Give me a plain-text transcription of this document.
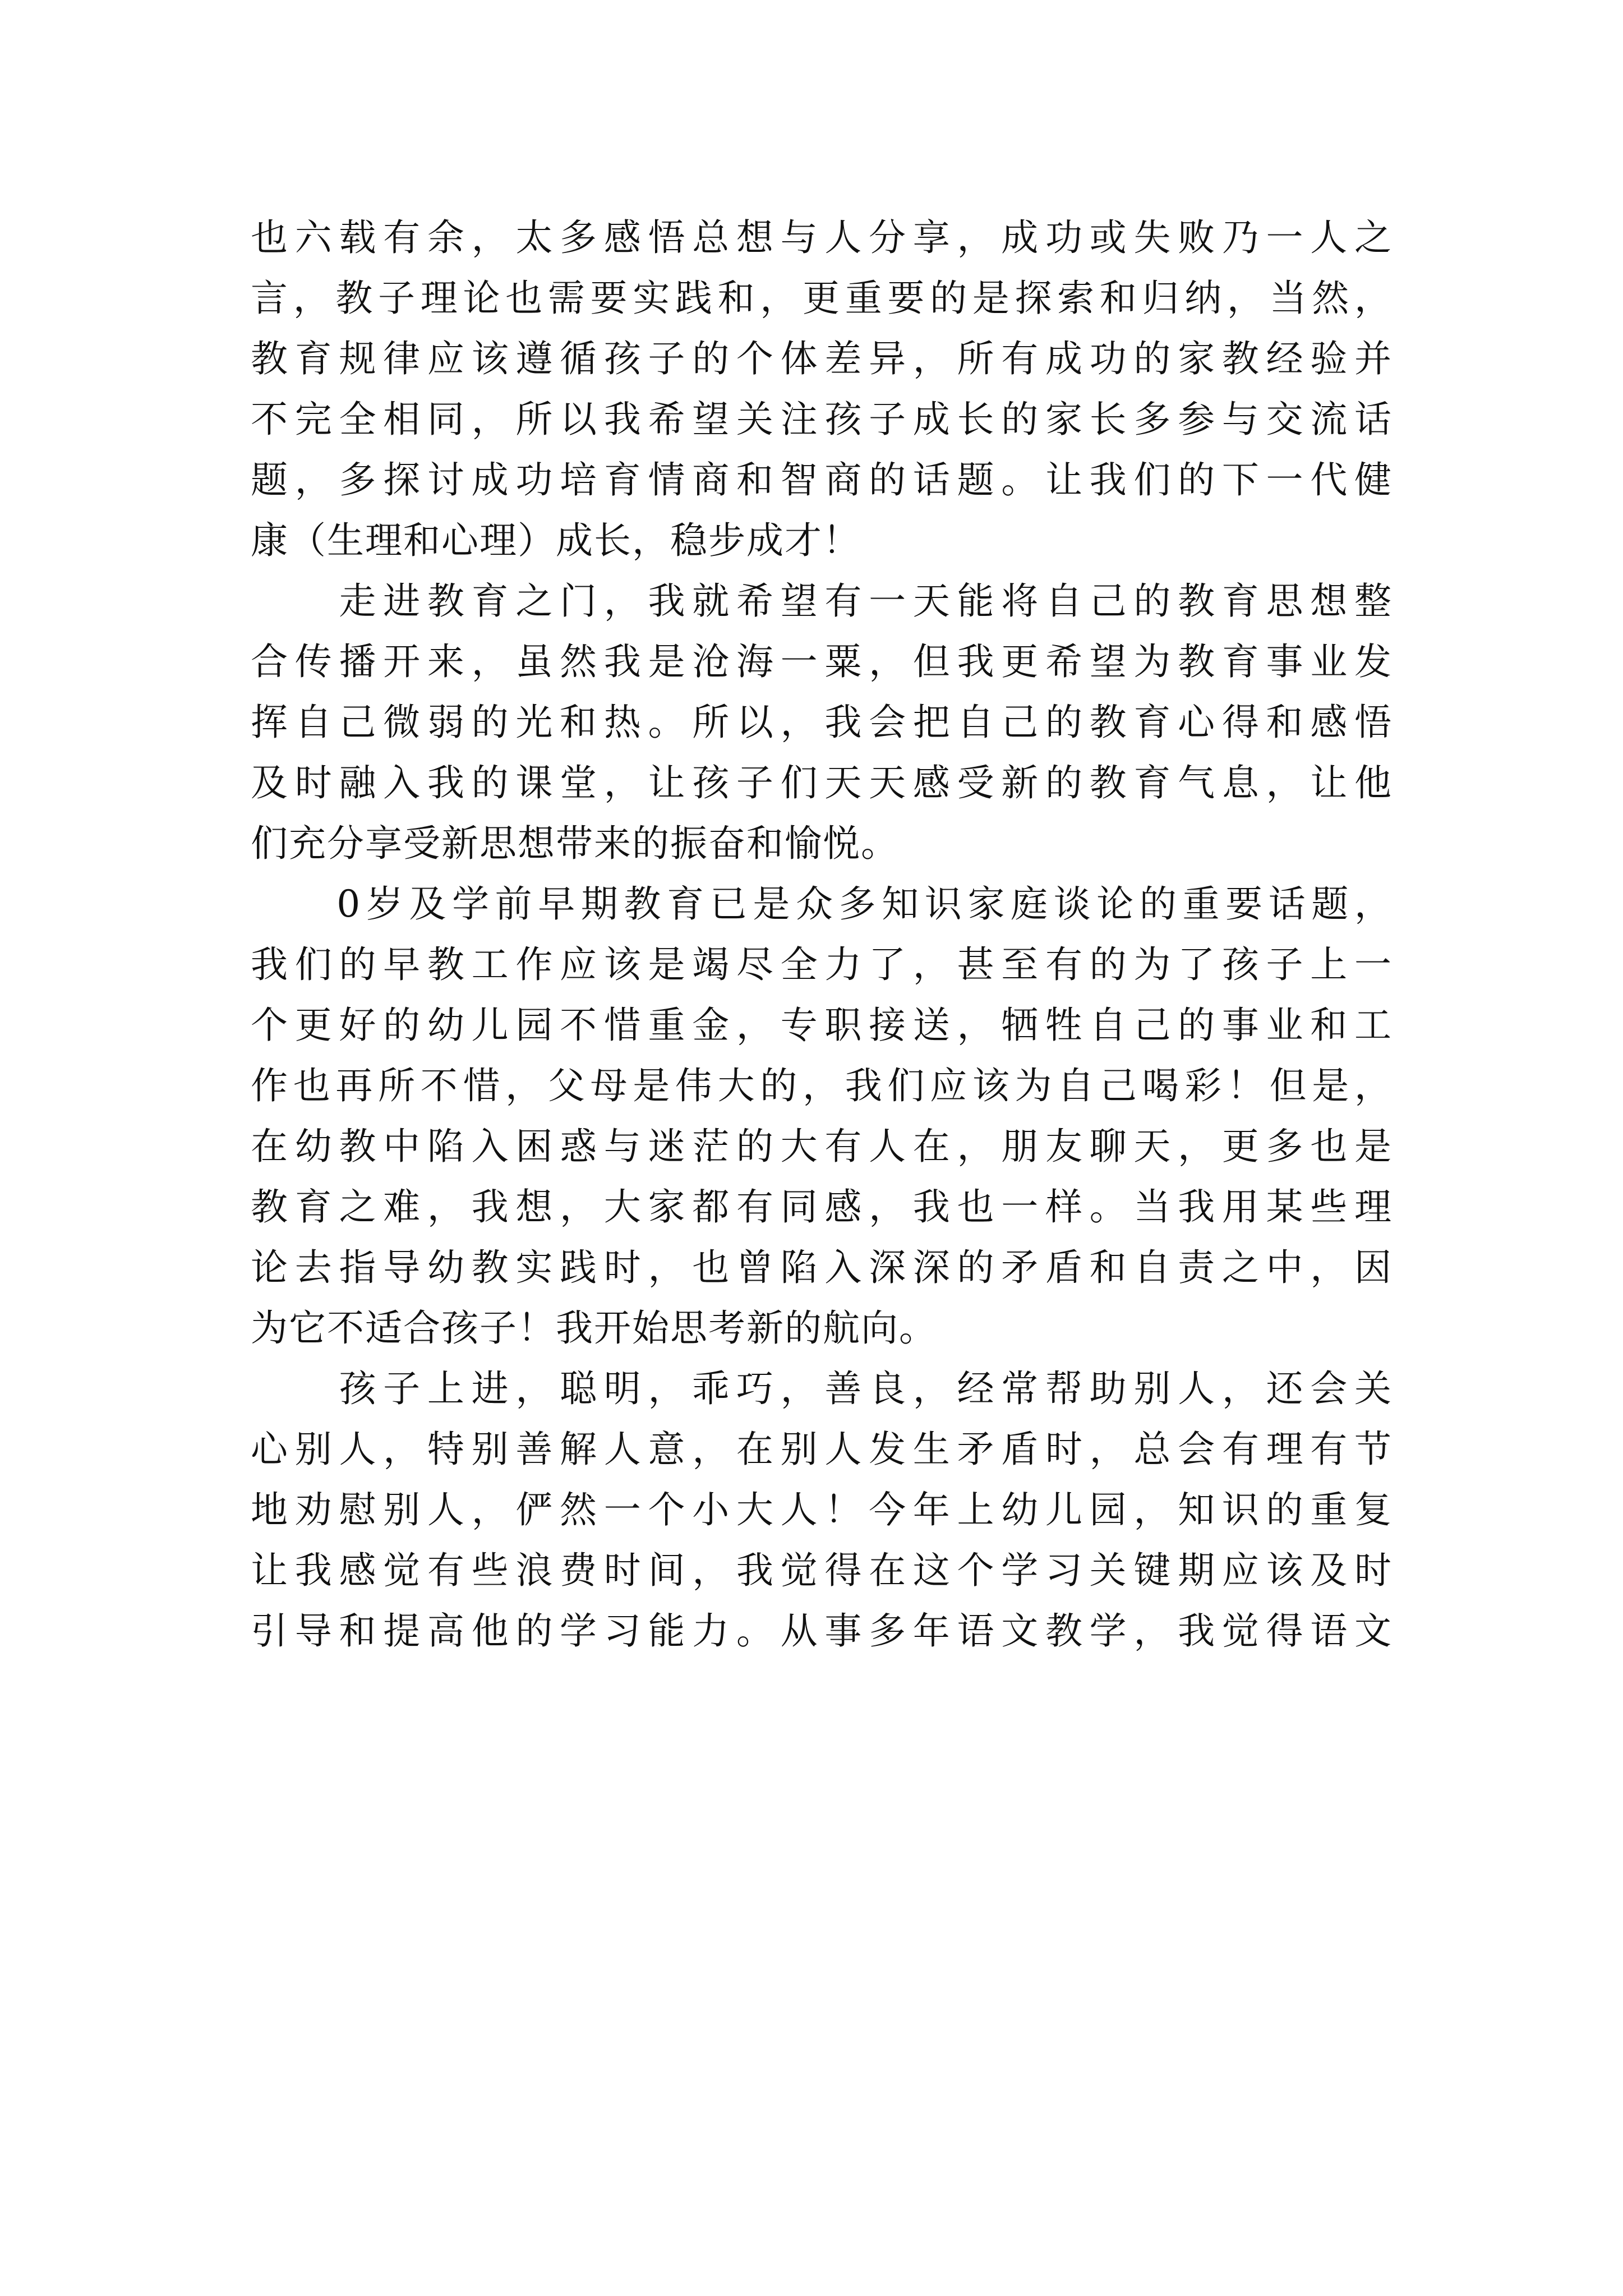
也六载有余，太多感悟总想与人分享，成功或失败乃一人之
言，教子理论也需要实践和，更重要的是探索和归纳，当然，
教育规律应该遵循孩子的个体差异，所有成功的家教经验并
不完全相同，所以我希望关注孩子成长的家长多参与交流话
题，多探讨成功培育情商和智商的话题。让我们的下一代健
康（生理和心理）成长，稳步成才！
　　走进教育之门，我就希望有一天能将自己的教育思想整
合传播开来，虽然我是沧海一粟，但我更希望为教育事业发
挥自己微弱的光和热。所以，我会把自己的教育心得和感悟
及时融入我的课堂，让孩子们天天感受新的教育气息，让他
们充分享受新思想带来的振奋和愉悦。
　　0岁及学前早期教育已是众多知识家庭谈论的重要话题，
我们的早教工作应该是竭尽全力了，甚至有的为了孩子上一
个更好的幼儿园不惜重金，专职接送，牺牲自己的事业和工
作也再所不惜，父母是伟大的，我们应该为自己喝彩！但是，
在幼教中陷入困惑与迷茫的大有人在，朋友聊天，更多也是
教育之难，我想，大家都有同感，我也一样。当我用某些理
论去指导幼教实践时，也曾陷入深深的矛盾和自责之中，因
为它不适合孩子！我开始思考新的航向。
　　孩子上进，聪明，乖巧，善良，经常帮助别人，还会关
心别人，特别善解人意，在别人发生矛盾时，总会有理有节
地劝慰别人，俨然一个小大人！今年上幼儿园，知识的重复
让我感觉有些浪费时间，我觉得在这个学习关键期应该及时
引导和提高他的学习能力。从事多年语文教学，我觉得语文
